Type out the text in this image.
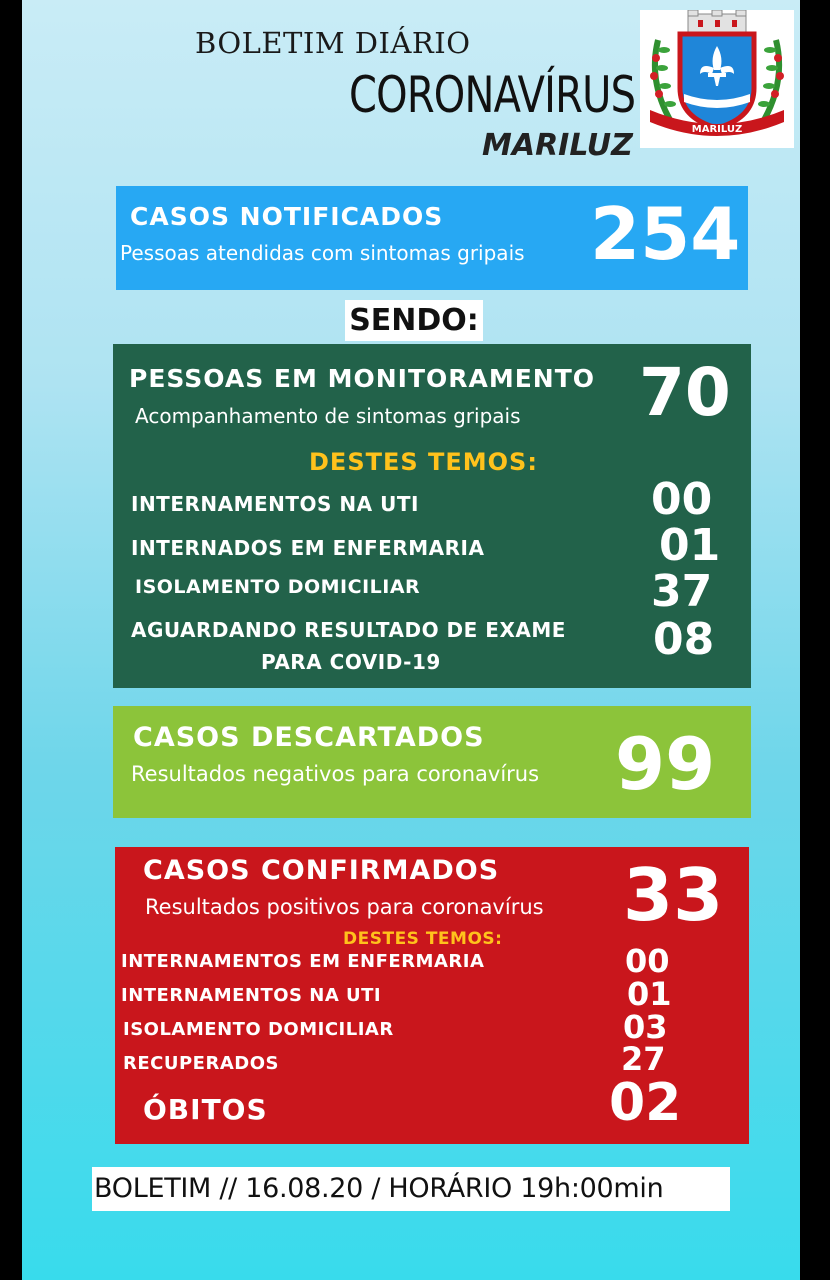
BOLETIM DIÁRIO
CORONAVÍRUS
MARILUZ	MARILUZ
CASOS NOTIFICADOS
Pessoas atendidas com sintomas gripais 254
SENDO:
PESSOAS EM MONITORAMENTO
Acompanhamento de sintomas gripais 70
DESTES TEMOS:
INTERNAMENTOS NA UTI	00
INTERNADOS EM ENFERMARIA	01
ISOLAMENTO DOMICILIAR	37
AGUARDANDO RESULTADO DE EXAME
PARA COVID-19	08
CASOS DESCARTADOS
Resultados negativos para coronavírus 99
CASOS CONFIRMADOS
Resultados positivos para coronavírus 33
DESTES TEMOS:
INTERNAMENTOS EM ENFERMARIA	00
INTERNAMENTOS NA UTI	01
ISOLAMENTO DOMICILIAR	03
RECUPERADOS	27
ÓBITOS	02
BOLETIM // 16.08.20 / HORÁRIO 19h:00min
